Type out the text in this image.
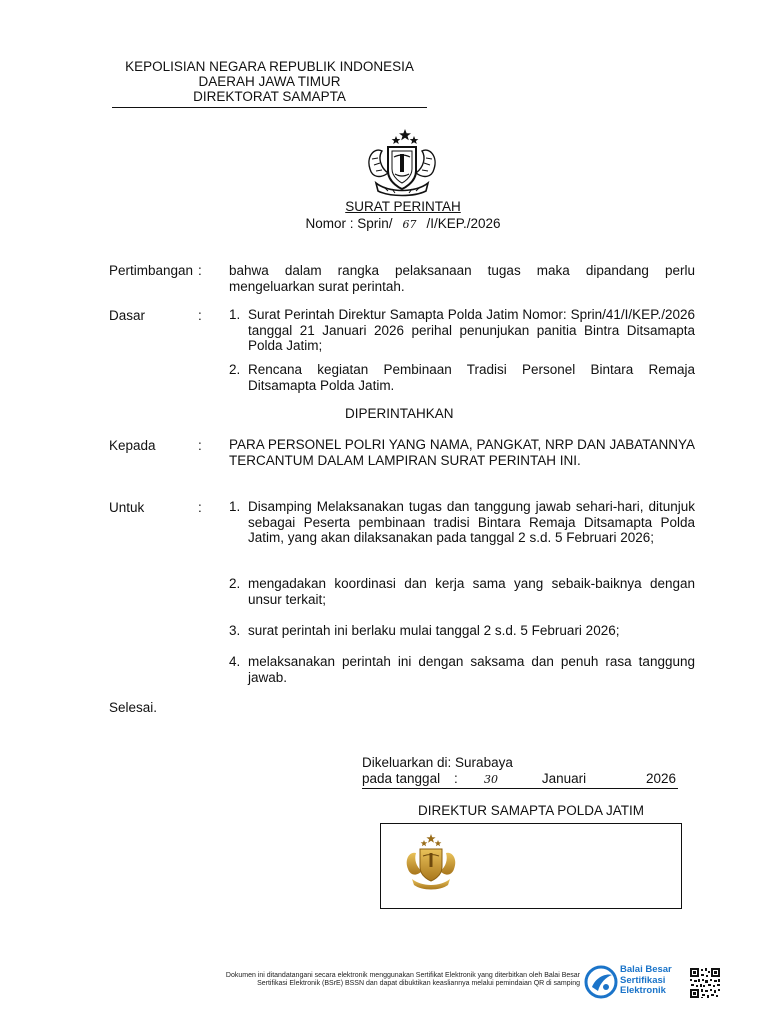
KEPOLISIAN NEGARA REPUBLIK INDONESIA
DAERAH JAWA TIMUR
DIREKTORAT SAMAPTA
SURAT PERINTAH
Nomor : Sprin/ 67 /I/KEP./2026
Pertimbangan :	bahwa dalam rangka pelaksanaan tugas maka dipandang perlu mengeluarkan surat perintah.
Dasar	:	1. Surat Perintah Direktur Samapta Polda Jatim Nomor: Sprin/41/I/KEP./2026 tanggal 21 Januari 2026 perihal penunjukan panitia Bintra Ditsamapta Polda Jatim;
2. Rencana kegiatan Pembinaan Tradisi Personel Bintara Remaja Ditsamapta Polda Jatim.
DIPERINTAHKAN
Kepada	:	PARA PERSONEL POLRI YANG NAMA, PANGKAT, NRP DAN JABATANNYA TERCANTUM DALAM LAMPIRAN SURAT PERINTAH INI.
Untuk	:	1. Disamping Melaksanakan tugas dan tanggung jawab sehari-hari, ditunjuk sebagai Peserta pembinaan tradisi Bintara Remaja Ditsamapta Polda Jatim, yang akan dilaksanakan pada tanggal 2 s.d. 5 Februari 2026;
2. mengadakan koordinasi dan kerja sama yang sebaik-baiknya dengan unsur terkait;
3. surat perintah ini berlaku mulai tanggal 2 s.d. 5 Februari 2026;
4. melaksanakan perintah ini dengan saksama dan penuh rasa tanggung jawab.
Selesai.
Dikeluarkan di: Surabaya
pada tanggal : 30	Januari	2026
DIREKTUR SAMAPTA POLDA JATIM
Dokumen ini ditandatangani secara elektronik menggunakan Sertifikat Elektronik yang diterbitkan oleh Balai Besar
Sertifikasi Elektronik (BSrE) BSSN dan dapat dibuktikan keasliannya melalui pemindaian QR di samping
Balai Besar
Sertifikasi
Elektronik
